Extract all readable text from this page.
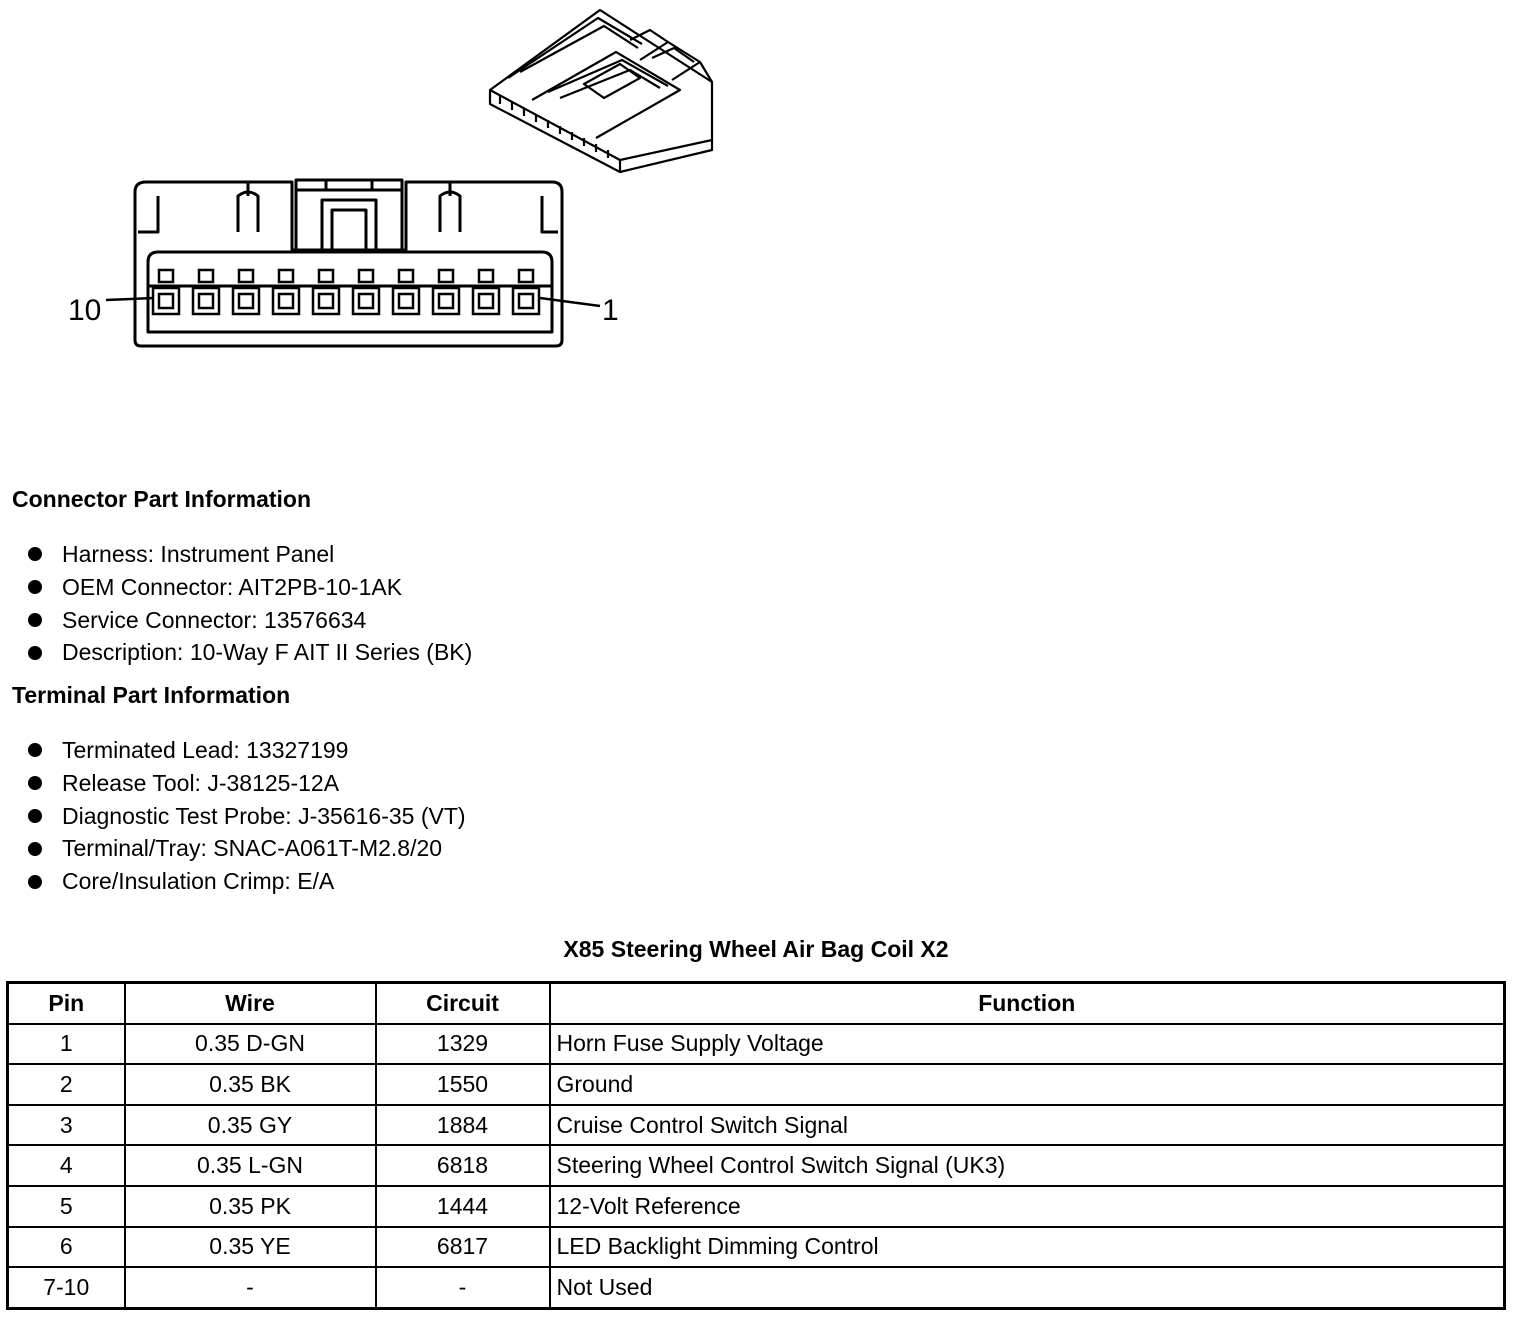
10	1
Connector Part Information
Harness: Instrument Panel
OEM Connector: AIT2PB-10-1AK
Service Connector: 13576634
Description: 10-Way F AIT II Series (BK)
Terminal Part Information
Terminated Lead: 13327199
Release Tool: J-38125-12A
Diagnostic Test Probe: J-35616-35 (VT)
Terminal/Tray: SNAC-A061T-M2.8/20
Core/Insulation Crimp: E/A
X85 Steering Wheel Air Bag Coil X2
Pin	Wire	Circuit	Function
1	0.35 D-GN	1329	Horn Fuse Supply Voltage
2	0.35 BK	1550	Ground
3	0.35 GY	1884	Cruise Control Switch Signal
4	0.35 L-GN	6818	Steering Wheel Control Switch Signal (UK3)
5	0.35 PK	1444	12-Volt Reference
6	0.35 YE	6817	LED Backlight Dimming Control
7-10	-	-	Not Used
